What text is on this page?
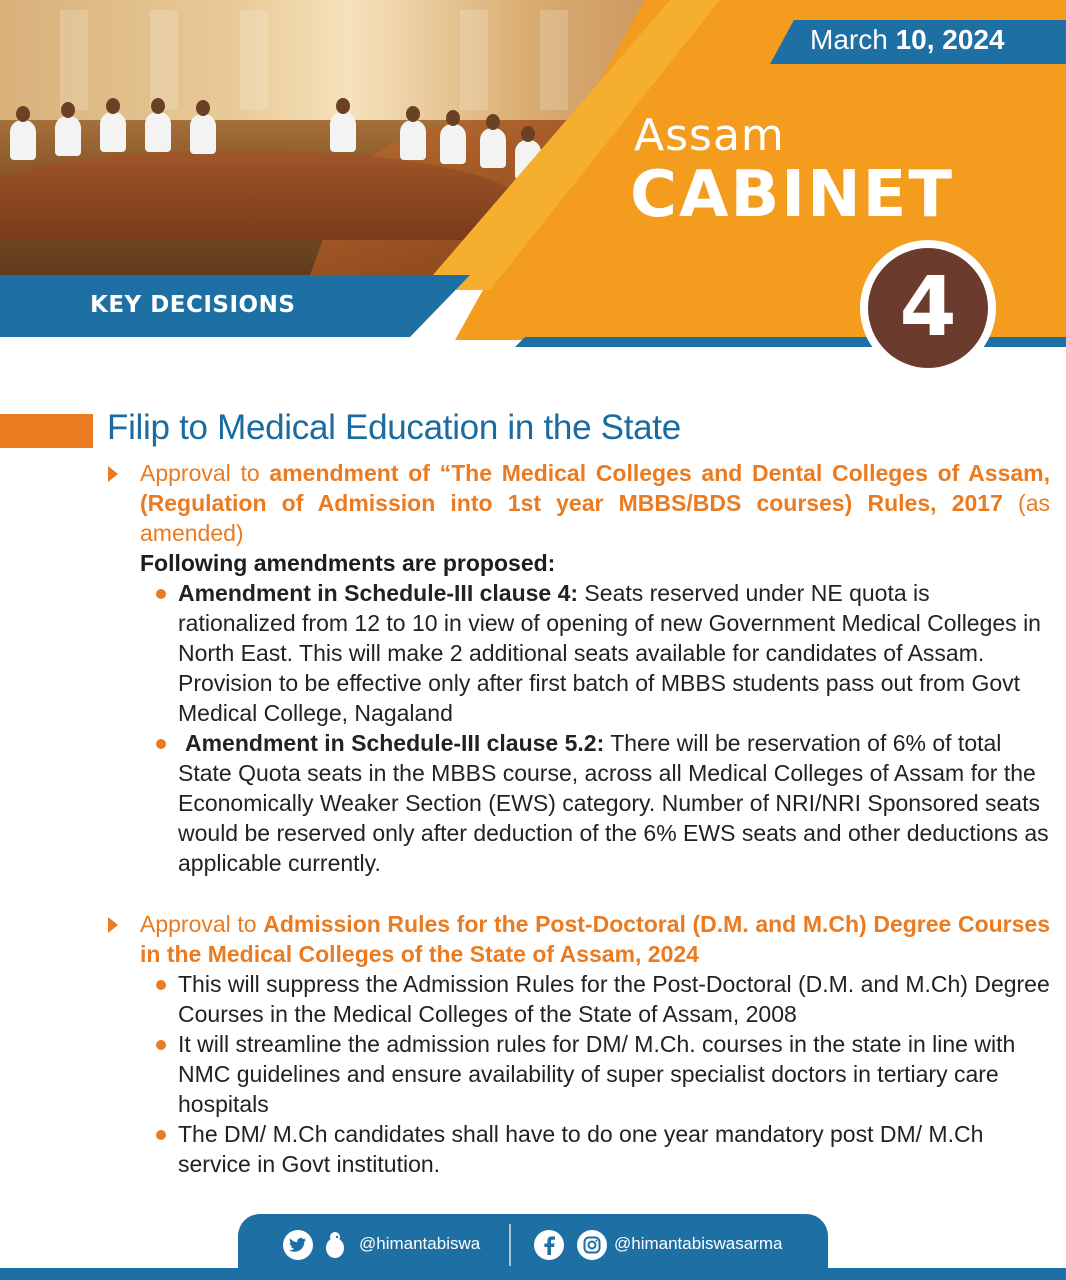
March 10, 2024
Assam
CABINET
KEY DECISIONS	4
Filip to Medical Education in the State
Approval to amendment of “The Medical Colleges and Dental Colleges of Assam, (Regulation of Admission into 1st year MBBS/BDS courses) Rules, 2017 (as amended)
Following amendments are proposed:
Amendment in Schedule-III clause 4: Seats reserved under NE quota is rationalized from 12 to 10 in view of opening of new Government Medical Colleges in North East. This will make 2 additional seats available for candidates of Assam. Provision to be effective only after first batch of MBBS students pass out from Govt Medical College, Nagaland
Amendment in Schedule-III clause 5.2: There will be reservation of 6% of total State Quota seats in the MBBS course, across all Medical Colleges of Assam for the Economically Weaker Section (EWS) category. Number of NRI/NRI Sponsored seats would be reserved only after deduction of the 6% EWS seats and other deductions as applicable currently.
Approval to Admission Rules for the Post-Doctoral (D.M. and M.Ch) Degree Courses in the Medical Colleges of the State of Assam, 2024
This will suppress the Admission Rules for the Post-Doctoral (D.M. and M.Ch) Degree Courses in the Medical Colleges of the State of Assam, 2008
It will streamline the admission rules for DM/ M.Ch. courses in the state in line with NMC guidelines and ensure availability of super specialist doctors in tertiary care hospitals
The DM/ M.Ch candidates shall have to do one year mandatory post DM/ M.Ch service in Govt institution.
@himantabiswa	@himantabiswasarma
